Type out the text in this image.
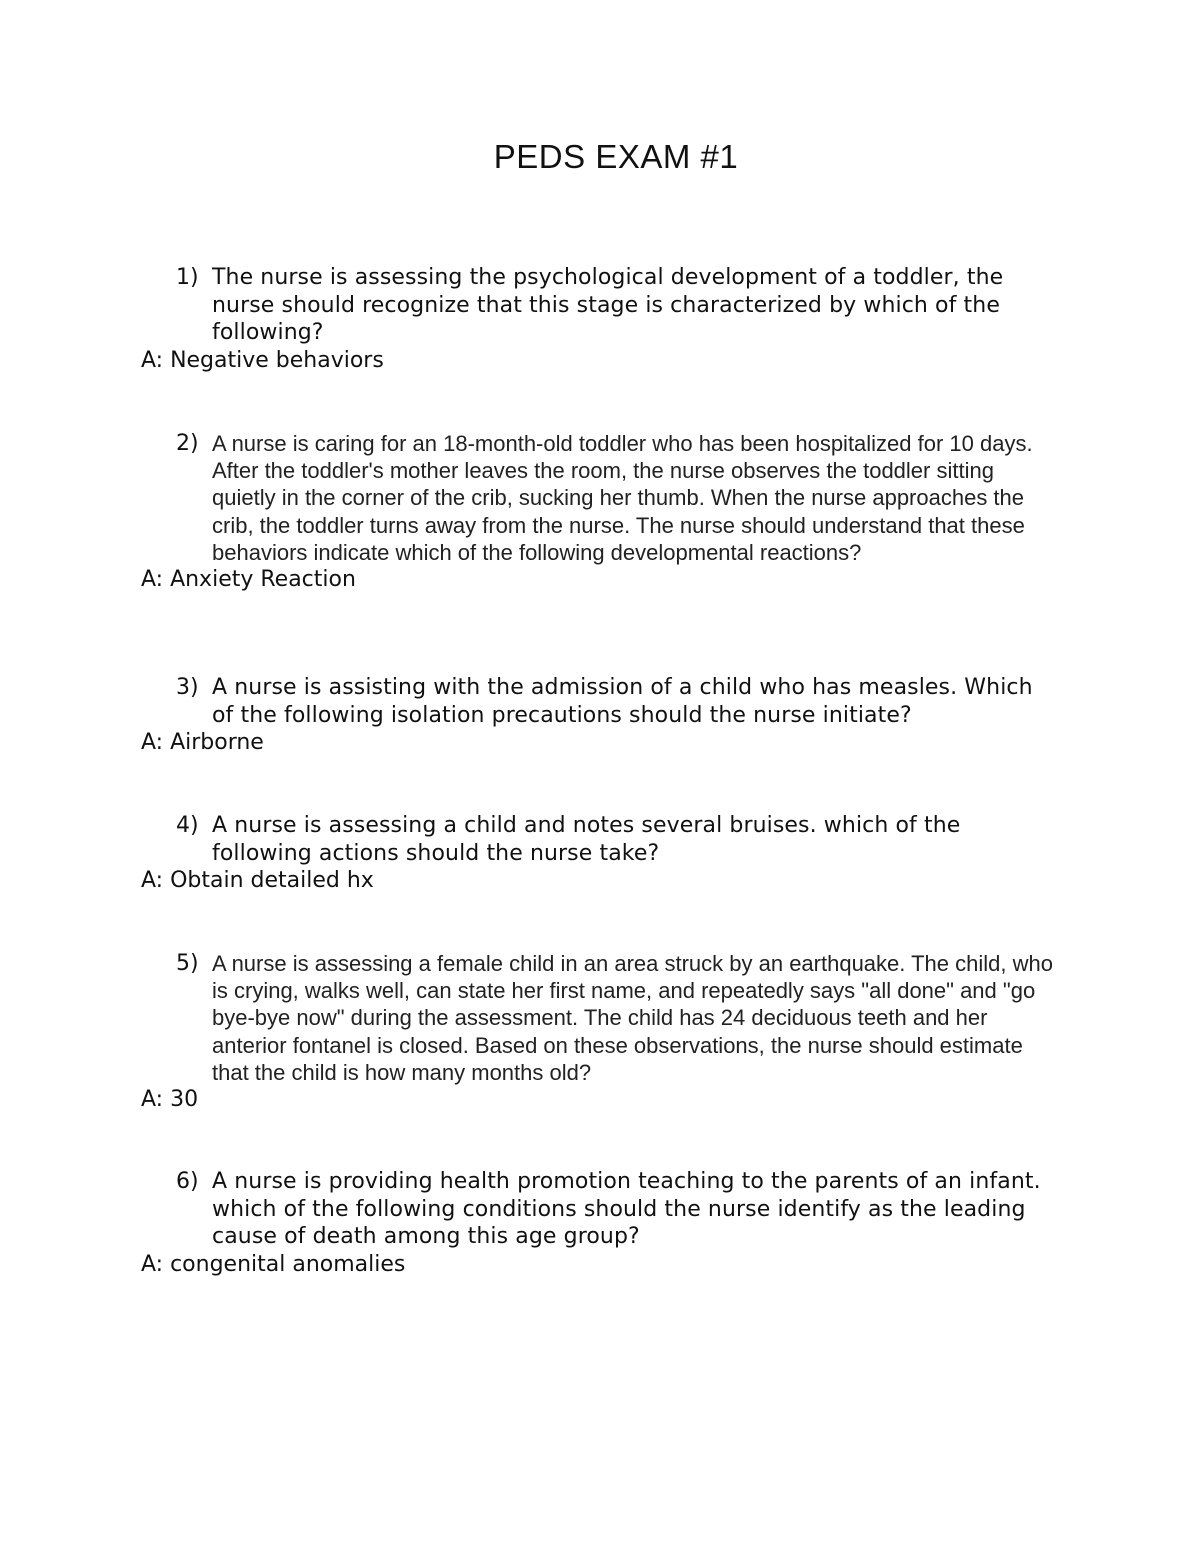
PEDS EXAM #1
1) The nurse is assessing the psychological development of a toddler, the nurse should recognize that this stage is characterized by which of the following?
A: Negative behaviors
2) A nurse is caring for an 18-month-old toddler who has been hospitalized for 10 days. After the toddler's mother leaves the room, the nurse observes the toddler sitting quietly in the corner of the crib, sucking her thumb. When the nurse approaches the crib, the toddler turns away from the nurse. The nurse should understand that these behaviors indicate which of the following developmental reactions?
A: Anxiety Reaction
3) A nurse is assisting with the admission of a child who has measles. Which of the following isolation precautions should the nurse initiate?
A: Airborne
4) A nurse is assessing a child and notes several bruises. which of the following actions should the nurse take?
A: Obtain detailed hx
5) A nurse is assessing a female child in an area struck by an earthquake. The child, who is crying, walks well, can state her first name, and repeatedly says "all done" and "go bye-bye now" during the assessment. The child has 24 deciduous teeth and her anterior fontanel is closed. Based on these observations, the nurse should estimate that the child is how many months old?
A: 30
6) A nurse is providing health promotion teaching to the parents of an infant. which of the following conditions should the nurse identify as the leading cause of death among this age group?
A: congenital anomalies
